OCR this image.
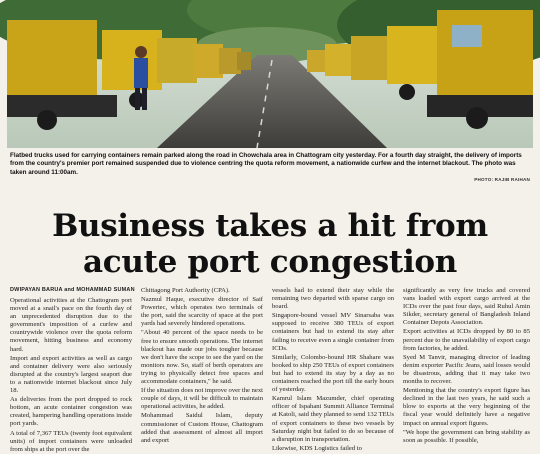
Flatbed trucks used for carrying containers remain parked along the road in Chowchala area in Chattogram city yesterday. For a fourth day straight, the delivery of imports from the country's premier port remained suspended due to violence centring the quota reform movement, a nationwide curfew and the internet blackout. The photo was taken around 11:00am.

PHOTO: RAJIB RAIHAN
Business takes a hit from acute port congestion
DWIPAYAN BARUA and MOHAMMAD SUMAN

Operational activities at the Chattogram port moved at a snail's pace on the fourth day of an unprecedented disruption due to the government's imposition of a curfew and countrywide violence over the quota reform movement, hitting business and economy hard.

Import and export activities as well as cargo and container delivery were also seriously disrupted at the country's largest seaport due to a nationwide internet blackout since July 18.

As deliveries from the port dropped to rock bottom, an acute container congestion was created, hampering handling operations inside port yards.

A total of 7,367 TEUs (twenty foot equivalent units) of import containers were unloaded from ships at the port over the

Chittagong Port Authority (CPA).

Nazmul Haque, executive director of Saif Powertec, which operates two terminals of the port, said the scarcity of space at the port yards had severely hindered operations.

"About 40 percent of the space needs to be free to ensure smooth operations. The internet blackout has made our jobs tougher because we don't have the scope to see the yard on the monitors now. So, staff of berth operators are trying to physically detect free spaces and accommodate containers," he said.

If the situation does not improve over the next couple of days, it will be difficult to maintain operational activities, he added.

Mohammad Saidul Islam, deputy commissioner of Custom House, Chattogram added that assessment of almost all import and export

vessels had to extend their stay while the remaining two departed with sparse cargo on board.

Singapore-bound vessel MV Sinarsaba was supposed to receive 380 TEUs of export containers but had to extend its stay after failing to receive even a single container from ICDs.

Similarly, Colombo-bound HR Shahare was booked to ship 250 TEUs of export containers but had to extend its stay by a day as no containers reached the port till the early hours of yesterday.

Kamrul Islam Mazumder, chief operating officer of Ispahani Summit Alliance Terminal at Katoli, said they planned to send 132 TEUs of export containers to these two vessels by Saturday night but failed to do so because of a disruption in transportation.

Likewise, KDS Logistics failed to

significantly as very few trucks and covered vans loaded with export cargo arrived at the ICDs over the past four days, said Ruhul Amin Sikder, secretary general of Bangladesh Inland Container Depots Association.

Export activities at ICDs dropped by 80 to 85 percent due to the unavailability of export cargo from factories, he added.

Syed M Tanvir, managing director of leading denim exporter Pacific Jeans, said losses would be disastrous, adding that it may take two months to recover.

Mentioning that the country's export figure has declined in the last two years, he said such a blow to exports at the very beginning of the fiscal year would definitely have a negative impact on annual export figures.

"We hope the government can bring stability as soon as possible. If possible,
